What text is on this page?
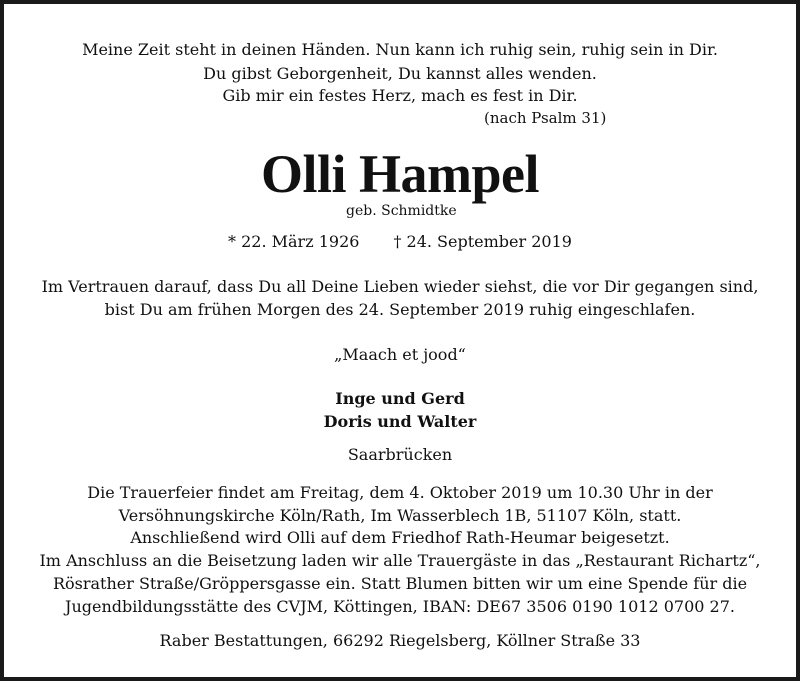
Meine Zeit steht in deinen Händen. Nun kann ich ruhig sein, ruhig sein in Dir.
Du gibst Geborgenheit, Du kannst alles wenden.
Gib mir ein festes Herz, mach es fest in Dir.
(nach Psalm 31)
Olli Hampel
geb. Schmidtke
* 22. März 1926 † 24. September 2019
Im Vertrauen darauf, dass Du all Deine Lieben wieder siehst, die vor Dir gegangen sind,
bist Du am frühen Morgen des 24. September 2019 ruhig eingeschlafen.
„Maach et jood“
Inge und Gerd
Doris und Walter
Saarbrücken
Die Trauerfeier findet am Freitag, dem 4. Oktober 2019 um 10.30 Uhr in der
Versöhnungskirche Köln/Rath, Im Wasserblech 1B, 51107 Köln, statt.
Anschließend wird Olli auf dem Friedhof Rath-Heumar beigesetzt.
Im Anschluss an die Beisetzung laden wir alle Trauergäste in das „Restaurant Richartz“,
Rösrather Straße/Gröppersgasse ein. Statt Blumen bitten wir um eine Spende für die
Jugendbildungsstätte des CVJM, Köttingen, IBAN: DE67 3506 0190 1012 0700 27.
Raber Bestattungen, 66292 Riegelsberg, Köllner Straße 33
